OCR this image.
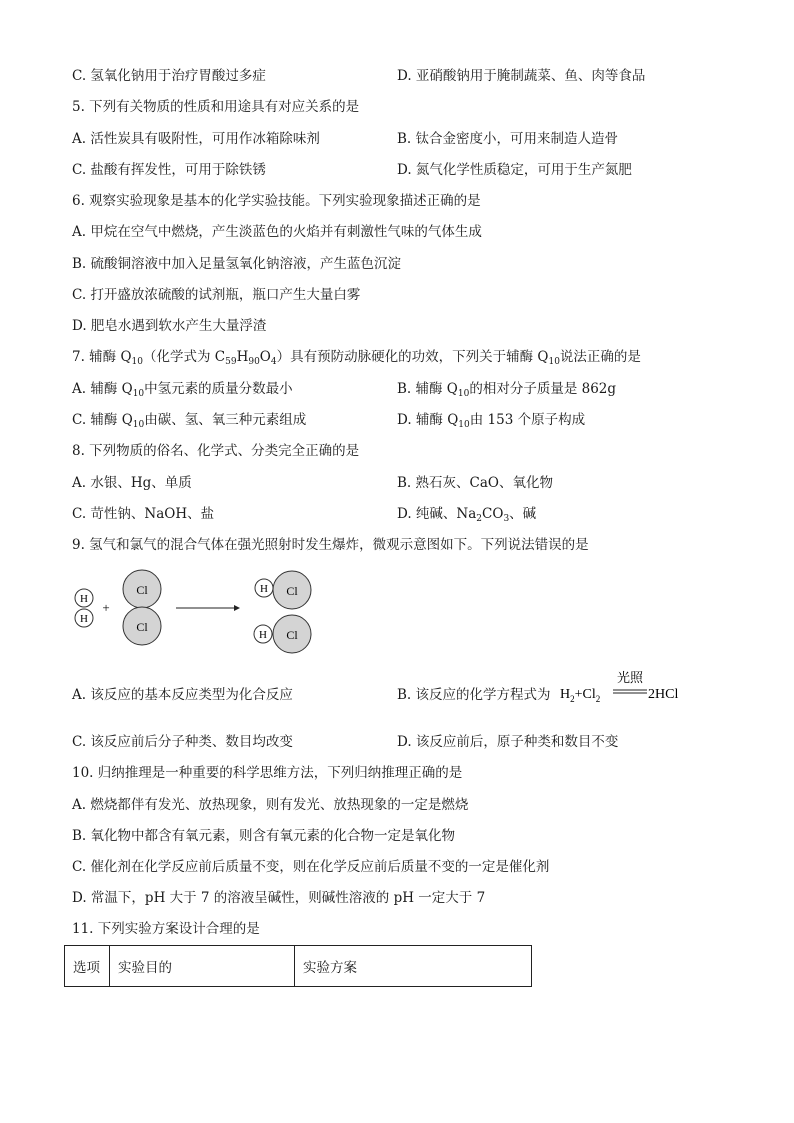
C. 氢氧化钠用于治疗胃酸过多症	D. 亚硝酸钠用于腌制蔬菜、鱼、肉等食品
5. 下列有关物质的性质和用途具有对应关系的是
A. 活性炭具有吸附性，可用作冰箱除味剂	B. 钛合金密度小，可用来制造人造骨
C. 盐酸有挥发性，可用于除铁锈	D. 氮气化学性质稳定，可用于生产氮肥
6. 观察实验现象是基本的化学实验技能。下列实验现象描述正确的是
A. 甲烷在空气中燃烧，产生淡蓝色的火焰并有刺激性气味的气体生成
B. 硫酸铜溶液中加入足量氢氧化钠溶液，产生蓝色沉淀
C. 打开盛放浓硫酸的试剂瓶，瓶口产生大量白雾
D. 肥皂水遇到软水产生大量浮渣
7. 辅酶 $Q_{10}$（化学式为 $C_{59}H_{90}O_4$）具有预防动脉硬化的功效，下列关于辅酶 $Q_{10}$说法正确的是
A. 辅酶 $Q_{10}$中氢元素的质量分数最小	B. 辅酶 $Q_{10}$的相对分子质量是 862g
C. 辅酶 $Q_{10}$由碳、氢、氧三种元素组成	D. 辅酶 $Q_{10}$由 153 个原子构成
8. 下列物质的俗名、化学式、分类完全正确的是
A. 水银、Hg、单质	B. 熟石灰、CaO、氧化物
C. 苛性钠、NaOH、盐	D. 纯碱、$Na_2CO_3$、碱
9. 氢气和氯气的混合气体在强光照射时发生爆炸，微观示意图如下。下列说法错误的是
H
H
+
Cl
Cl
Cl
H
Cl
H
A. 该反应的基本反应类型为化合反应	B. 该反应的化学方程式为 $H_2+Cl_2$
光照
2HCl
C. 该反应前后分子种类、数目均改变	D. 该反应前后，原子种类和数目不变
10. 归纳推理是一种重要的科学思维方法，下列归纳推理正确的是
A. 燃烧都伴有发光、放热现象，则有发光、放热现象的一定是燃烧
B. 氧化物中都含有氧元素，则含有氧元素的化合物一定是氧化物
C. 催化剂在化学反应前后质量不变，则在化学反应前后质量不变的一定是催化剂
D. 常温下，pH 大于 7 的溶液呈碱性，则碱性溶液的 pH 一定大于 7
11. 下列实验方案设计合理的是
选项	实验目的	实验方案
